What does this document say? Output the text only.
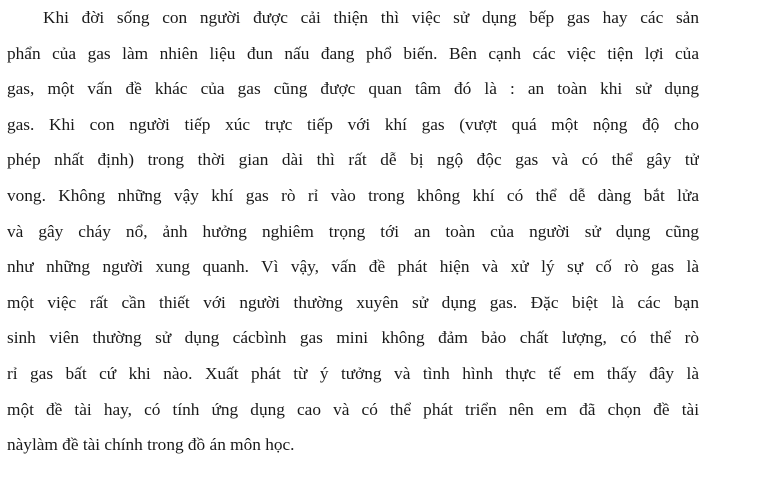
Khi đời sống con người được cải thiện thì việc sử dụng bếp gas hay các sản
phẩn của gas làm nhiên liệu đun nấu đang phổ biến. Bên cạnh các việc tiện lợi của
gas, một vấn đề khác của gas cũng được quan tâm đó là : an toàn khi sử dụng
gas. Khi con người tiếp xúc trực tiếp với khí gas (vượt quá một nộng độ cho
phép nhất định) trong thời gian dài thì rất dễ bị ngộ độc gas và có thể gây tử
vong. Không những vậy khí gas rò rỉ vào trong không khí có thể dễ dàng bắt lửa
và gây cháy nổ, ảnh hưởng nghiêm trọng tới an toàn của người sử dụng cũng
như những người xung quanh. Vì vậy, vấn đề phát hiện và xử lý sự cố rò gas là
một việc rất cần thiết với người thường xuyên sử dụng gas. Đặc biệt là các bạn
sinh viên thường sử dụng cácbình gas mini không đảm bảo chất lượng, có thể rò
rỉ gas bất cứ khi nào. Xuất phát từ ý tưởng và tình hình thực tế em thấy đây là
một đề tài hay, có tính ứng dụng cao và có thể phát triển nên em đã chọn đề tài
nàylàm đề tài chính trong đồ án môn học.
